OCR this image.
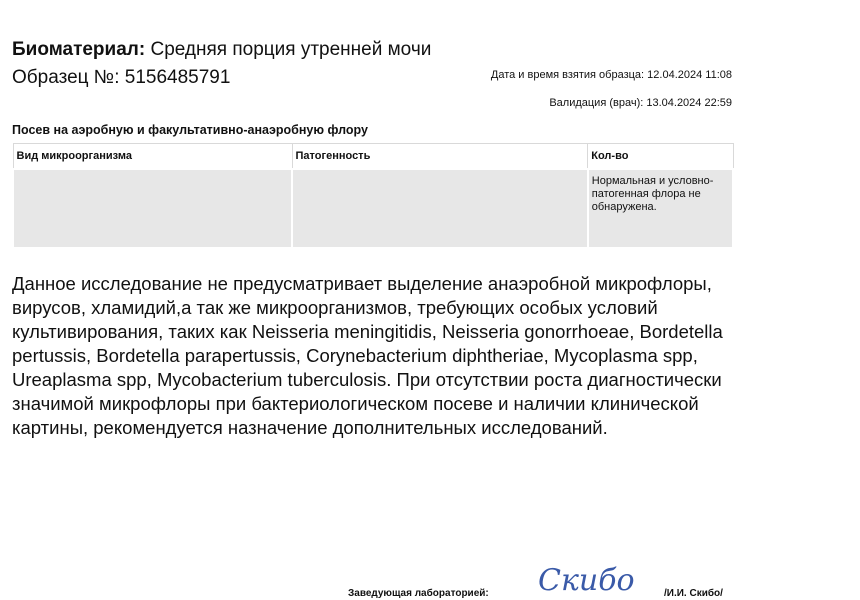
Биоматериал: Средняя порция утренней мочи
Образец №: 5156485791	Дата и время взятия образца: 12.04.2024 11:08
Валидация (врач): 13.04.2024 22:59
Посев на аэробную и факультативно-анаэробную флору
Вид микроорганизма	Патогенность	Кол-во
		Нормальная и условно-патогенная флора не обнаружена.
Данное исследование не предусматривает выделение анаэробной микрофлоры, вирусов, хламидий,а так же микроорганизмов, требующих особых условий культивирования, таких как Neisseria meningitidis, Neisseria gonorrhoeae, Bordetella pertussis, Bordetella parapertussis, Corynebacterium diphtheriae, Mycoplasma spp, Ureaplasma spp, Mycobacterium tuberculosis. При отсутствии роста диагностически значимой микрофлоры при бактериологическом посеве и наличии клинической картины, рекомендуется назначение дополнительных исследований.
Заведующая лабораторией: Скибо	/И.И. Скибо/
